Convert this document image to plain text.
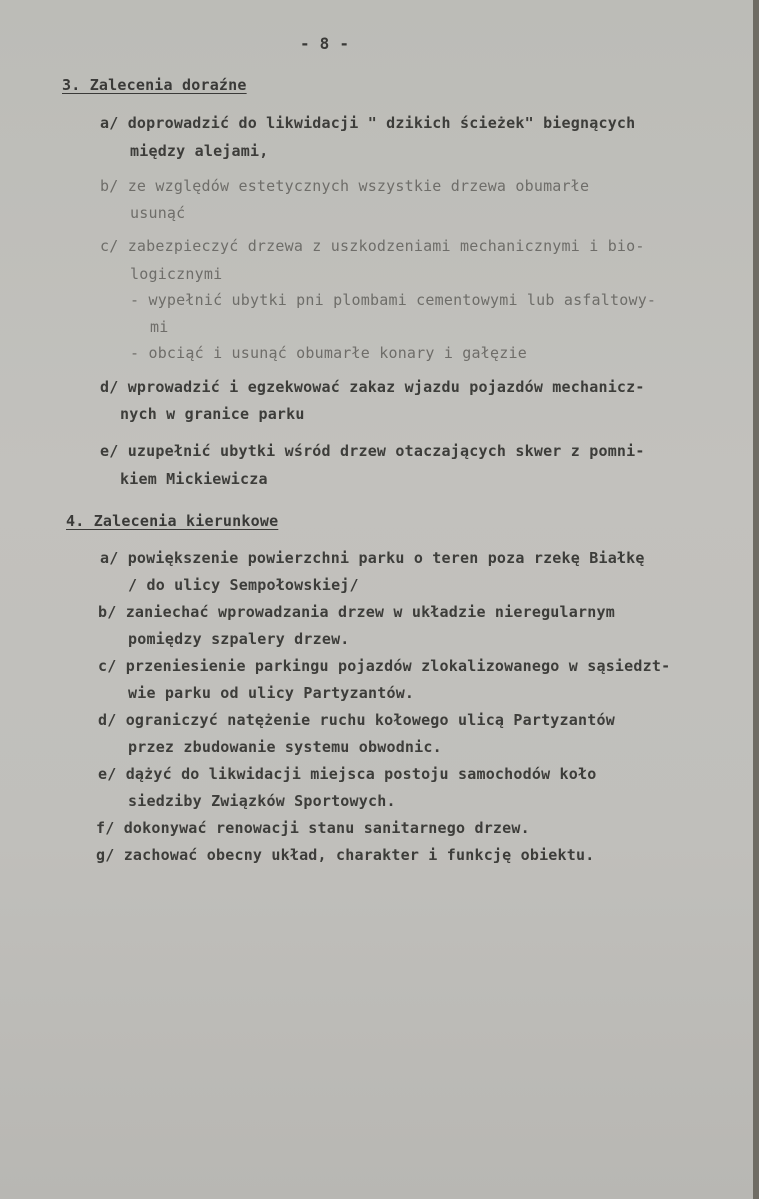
- 8 -
3. Zalecenia doraźne
a/ doprowadzić do likwidacji " dzikich ścieżek" biegnących
między alejami,
b/ ze względów estetycznych wszystkie drzewa obumarłe
usunąć
c/ zabezpieczyć drzewa z uszkodzeniami mechanicznymi i bio-
logicznymi
- wypełnić ubytki pni plombami cementowymi lub asfaltowy-
mi
- obciąć i usunąć obumarłe konary i gałęzie
d/ wprowadzić i egzekwować zakaz wjazdu pojazdów mechanicz-
nych w granice parku
e/ uzupełnić ubytki wśród drzew otaczających skwer z pomni-
kiem Mickiewicza
4. Zalecenia kierunkowe
a/ powiększenie powierzchni parku o teren poza rzekę Białkę
/ do ulicy Sempołowskiej/
b/ zaniechać wprowadzania drzew w układzie nieregularnym
pomiędzy szpalery drzew.
c/ przeniesienie parkingu pojazdów zlokalizowanego w sąsiedzt-
wie parku od ulicy Partyzantów.
d/ ograniczyć natężenie ruchu kołowego ulicą Partyzantów
przez zbudowanie systemu obwodnic.
e/ dążyć do likwidacji miejsca postoju samochodów koło
siedziby Związków Sportowych.
f/ dokonywać renowacji stanu sanitarnego drzew.
g/ zachować obecny układ, charakter i funkcję obiektu.
